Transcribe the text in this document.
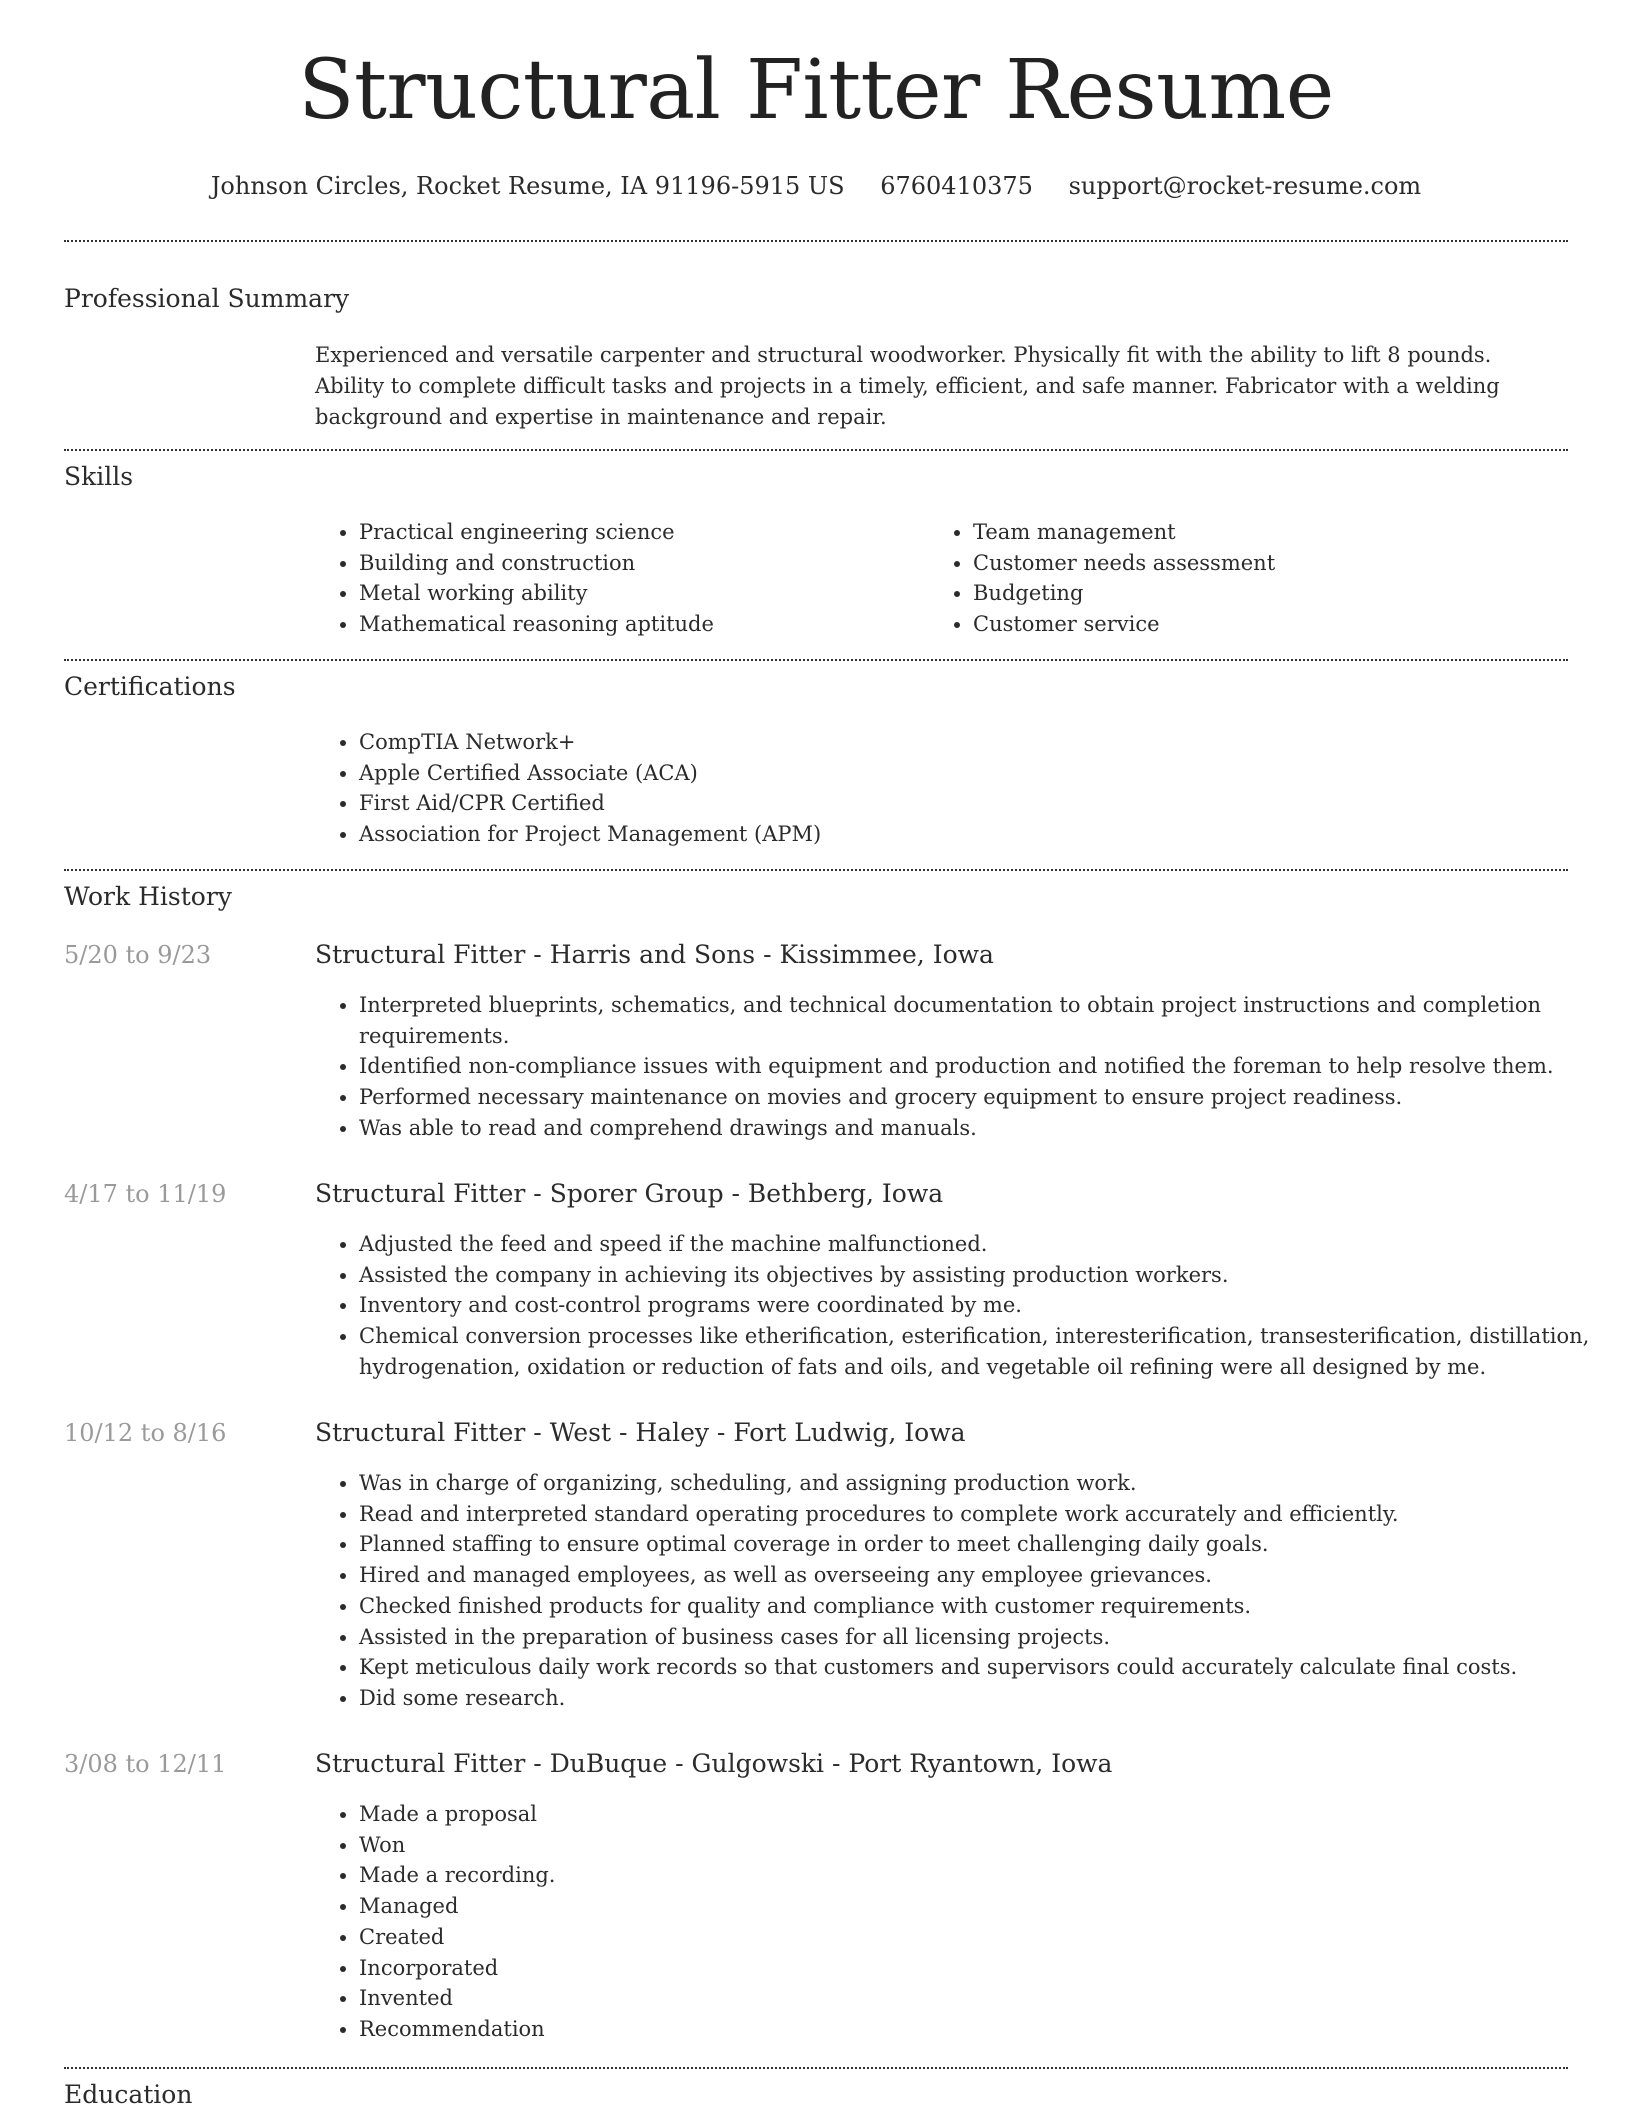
Structural Fitter Resume
Johnson Circles, Rocket Resume, IA 91196-5915 US 6760410375 support@rocket-resume.com
Professional Summary
Experienced and versatile carpenter and structural woodworker. Physically fit with the ability to lift 8 pounds. Ability to complete difficult tasks and projects in a timely, efficient, and safe manner. Fabricator with a welding background and expertise in maintenance and repair.
Skills
• Practical engineering science
• Building and construction
• Metal working ability
• Mathematical reasoning aptitude
• Team management
• Customer needs assessment
• Budgeting
• Customer service
Certifications
• CompTIA Network+
• Apple Certified Associate (ACA)
• First Aid/CPR Certified
• Association for Project Management (APM)
Work History
5/20 to 9/23	Structural Fitter - Harris and Sons - Kissimmee, Iowa
• Interpreted blueprints, schematics, and technical documentation to obtain project instructions and completion requirements.
• Identified non-compliance issues with equipment and production and notified the foreman to help resolve them.
• Performed necessary maintenance on movies and grocery equipment to ensure project readiness.
• Was able to read and comprehend drawings and manuals.
4/17 to 11/19	Structural Fitter - Sporer Group - Bethberg, Iowa
• Adjusted the feed and speed if the machine malfunctioned.
• Assisted the company in achieving its objectives by assisting production workers.
• Inventory and cost-control programs were coordinated by me.
• Chemical conversion processes like etherification, esterification, interesterification, transesterification, distillation, hydrogenation, oxidation or reduction of fats and oils, and vegetable oil refining were all designed by me.
10/12 to 8/16	Structural Fitter - West - Haley - Fort Ludwig, Iowa
• Was in charge of organizing, scheduling, and assigning production work.
• Read and interpreted standard operating procedures to complete work accurately and efficiently.
• Planned staffing to ensure optimal coverage in order to meet challenging daily goals.
• Hired and managed employees, as well as overseeing any employee grievances.
• Checked finished products for quality and compliance with customer requirements.
• Assisted in the preparation of business cases for all licensing projects.
• Kept meticulous daily work records so that customers and supervisors could accurately calculate final costs.
• Did some research.
3/08 to 12/11	Structural Fitter - DuBuque - Gulgowski - Port Ryantown, Iowa
• Made a proposal
• Won
• Made a recording.
• Managed
• Created
• Incorporated
• Invented
• Recommendation
Education
